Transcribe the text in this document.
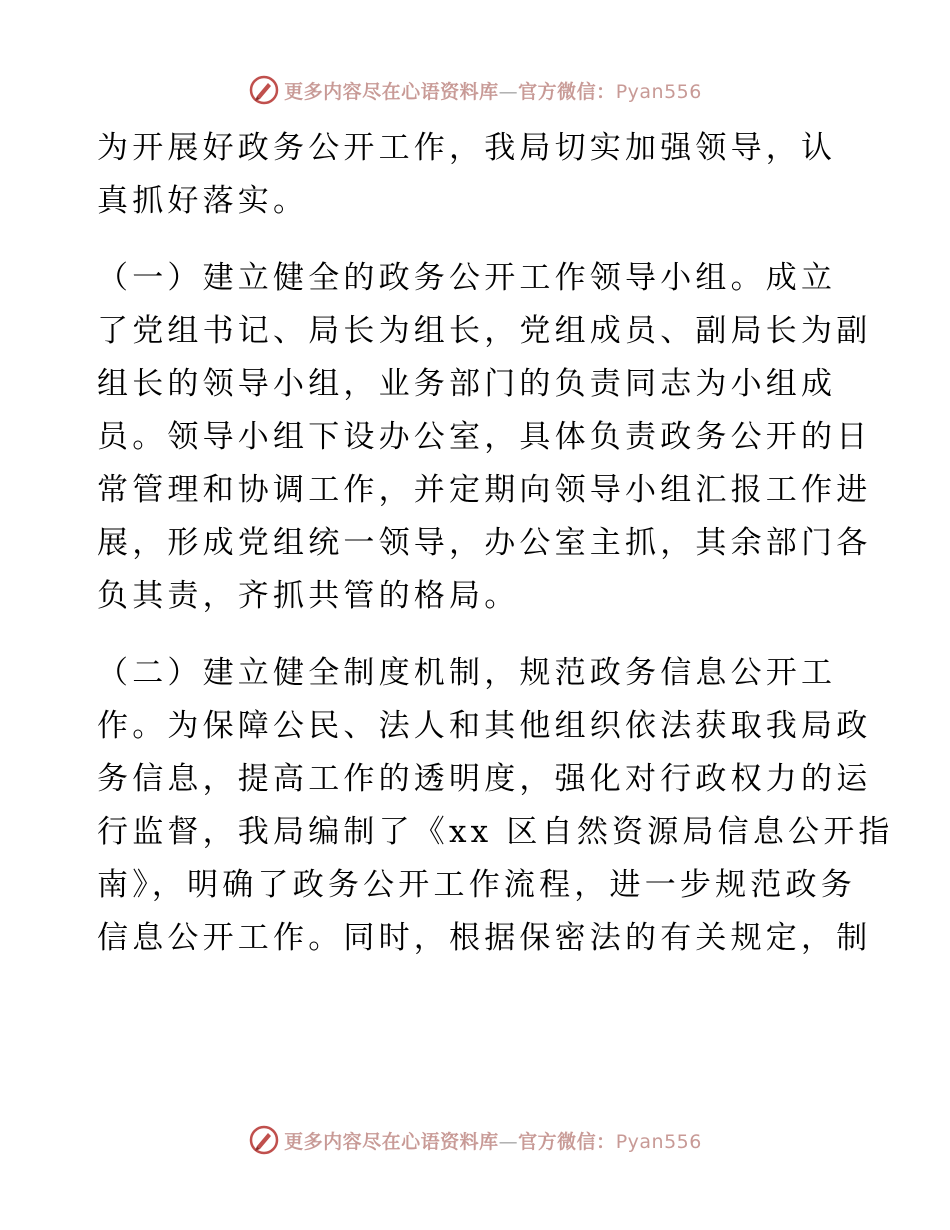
更多内容尽在心语资料库—官方微信：Pyan556

为开展好政务公开工作，我局切实加强领导，认
真抓好落实。

（一）建立健全的政务公开工作领导小组。成立
了党组书记、局长为组长，党组成员、副局长为副
组长的领导小组，业务部门的负责同志为小组成
员。领导小组下设办公室，具体负责政务公开的日
常管理和协调工作，并定期向领导小组汇报工作进
展，形成党组统一领导，办公室主抓，其余部门各
负其责，齐抓共管的格局。

（二）建立健全制度机制，规范政务信息公开工
作。为保障公民、法人和其他组织依法获取我局政
务信息，提高工作的透明度，强化对行政权力的运
行监督，我局编制了《xx 区自然资源局信息公开指
南》，明确了政务公开工作流程，进一步规范政务
信息公开工作。同时，根据保密法的有关规定，制

更多内容尽在心语资料库—官方微信：Pyan556
